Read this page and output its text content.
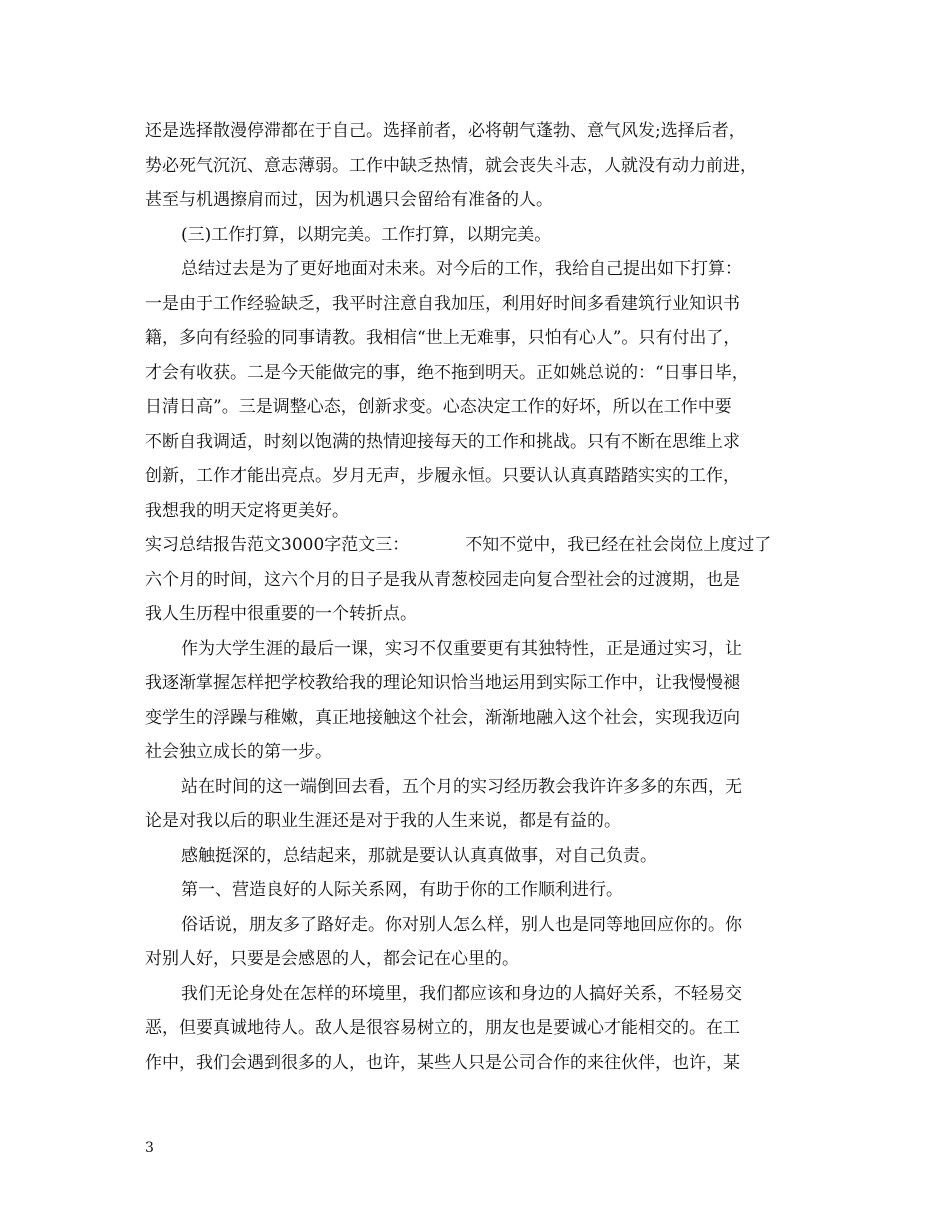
还是选择散漫停滞都在于自己。选择前者，必将朝气蓬勃、意气风发;选择后者，
势必死气沉沉、意志薄弱。工作中缺乏热情，就会丧失斗志，人就没有动力前进，
甚至与机遇擦肩而过，因为机遇只会留给有准备的人。
(三)工作打算，以期完美。工作打算，以期完美。
总结过去是为了更好地面对未来。对今后的工作，我给自己提出如下打算：
一是由于工作经验缺乏，我平时注意自我加压，利用好时间多看建筑行业知识书
籍，多向有经验的同事请教。我相信“世上无难事，只怕有心人”。只有付出了，
才会有收获。二是今天能做完的事，绝不拖到明天。正如姚总说的：“日事日毕，
日清日高”。三是调整心态，创新求变。心态决定工作的好坏，所以在工作中要
不断自我调适，时刻以饱满的热情迎接每天的工作和挑战。只有不断在思维上求
创新，工作才能出亮点。岁月无声，步履永恒。只要认认真真踏踏实实的工作，
我想我的明天定将更美好。
实习总结报告范文3000字范文三：	不知不觉中，我已经在社会岗位上度过了
六个月的时间，这六个月的日子是我从青葱校园走向复合型社会的过渡期，也是
我人生历程中很重要的一个转折点。
作为大学生涯的最后一课，实习不仅重要更有其独特性，正是通过实习，让
我逐渐掌握怎样把学校教给我的理论知识恰当地运用到实际工作中，让我慢慢褪
变学生的浮躁与稚嫩，真正地接触这个社会，渐渐地融入这个社会，实现我迈向
社会独立成长的第一步。
站在时间的这一端倒回去看，五个月的实习经历教会我许许多多的东西，无
论是对我以后的职业生涯还是对于我的人生来说，都是有益的。
感触挺深的，总结起来，那就是要认认真真做事，对自己负责。
第一、营造良好的人际关系网，有助于你的工作顺利进行。
俗话说，朋友多了路好走。你对别人怎么样，别人也是同等地回应你的。你
对别人好，只要是会感恩的人，都会记在心里的。
我们无论身处在怎样的环境里，我们都应该和身边的人搞好关系，不轻易交
恶，但要真诚地待人。敌人是很容易树立的，朋友也是要诚心才能相交的。在工
作中，我们会遇到很多的人，也许，某些人只是公司合作的来往伙伴，也许，某
3
